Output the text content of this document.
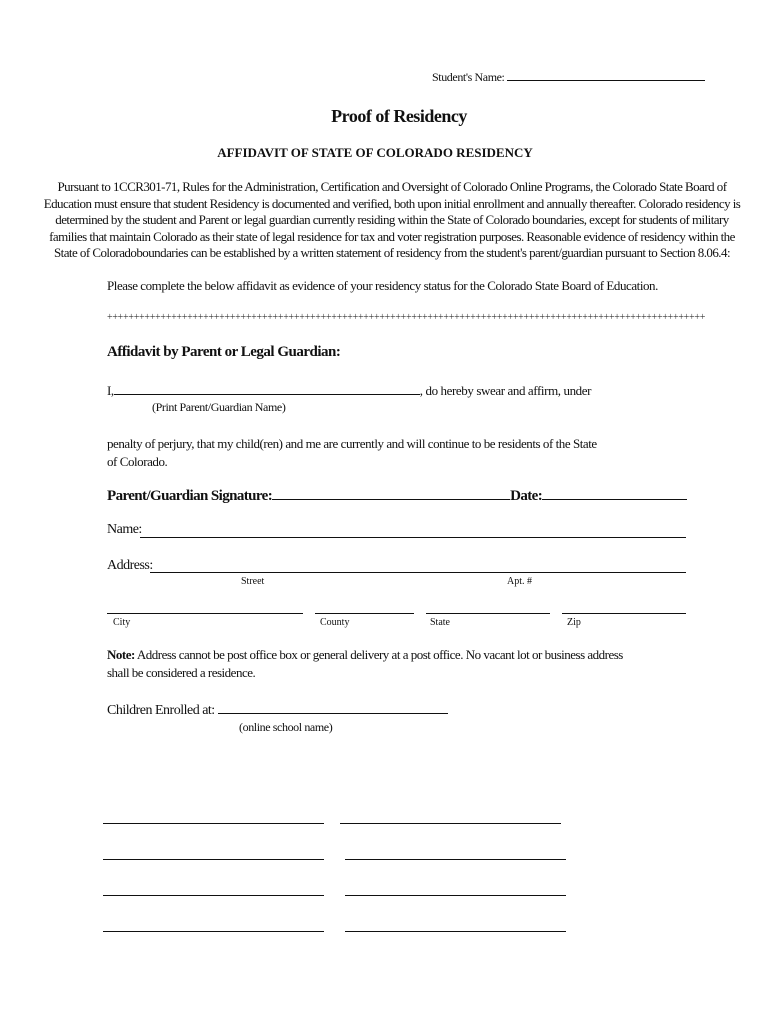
Student's Name:
Proof of Residency
AFFIDAVIT OF STATE OF COLORADO RESIDENCY
Pursuant to 1CCR301-71, Rules for the Administration, Certification and Oversight of Colorado Online Programs, the Colorado State Board of Education must ensure that student Residency is documented and verified, both upon initial enrollment and annually thereafter. Colorado residency is determined by the student and Parent or legal guardian currently residing within the State of Colorado boundaries, except for students of military families that maintain Colorado as their state of legal residence for tax and voter registration purposes. Reasonable evidence of residency within the State of Coloradoboundaries can be established by a written statement of residency from the student's parent/guardian pursuant to Section 8.06.4:
Please complete the below affidavit as evidence of your residency status for the Colorado State Board of Education.
++++++++++++++++++++++++++++++++++++++++++++++++++++++++++++++++++++++++++++++++++++++++++++++++++++++++++++++++
Affidavit by Parent or Legal Guardian:
I,	, do hereby swear and affirm, under
(Print Parent/Guardian Name)
penalty of perjury, that my child(ren) and me are currently and will continue to be residents of the State of Colorado.
Parent/Guardian Signature:	Date:
Name:
Address:
Street	Apt. #
City	County	State	Zip
Note: Address cannot be post office box or general delivery at a post office. No vacant lot or business address shall be considered a residence.
Children Enrolled at:
(online school name)
